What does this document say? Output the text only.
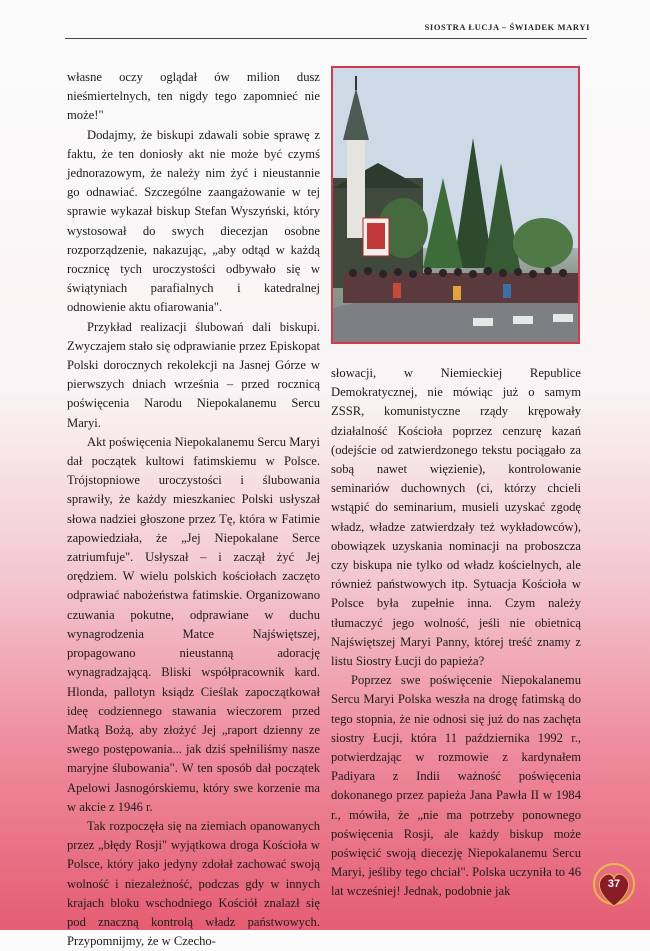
SIOSTRA ŁUCJA – ŚWIADEK MARYI

własne oczy oglądał ów milion dusz nieśmiertelnych, ten nigdy tego zapomnieć nie może!"

Dodajmy, że biskupi zdawali sobie sprawę z faktu, że ten doniosły akt nie może być czymś jednorazowym, że należy nim żyć i nieustannie go odnawiać. Szczególne zaangażowanie w tej sprawie wykazał biskup Stefan Wyszyński, który wystosował do swych diecezjan osobne rozporządzenie, nakazując, „aby odtąd w każdą rocznicę tych uroczystości odbywało się w świątyniach parafialnych i katedralnej odnowienie aktu ofiarowania".

Przykład realizacji ślubowań dali biskupi. Zwyczajem stało się odprawianie przez Episkopat Polski dorocznych rekolekcji na Jasnej Górze w pierwszych dniach września – przed rocznicą poświęcenia Narodu Niepokalanemu Sercu Maryi.

Akt poświęcenia Niepokalanemu Sercu Maryi dał początek kultowi fatimskiemu w Polsce. Trójstopniowe uroczystości i ślubowania sprawiły, że każdy mieszkaniec Polski usłyszał słowa nadziei głoszone przez Tę, która w Fatimie zapowiedziała, że „Jej Niepokalane Serce zatriumfuje". Usłyszał – i zaczął żyć Jej orędziem. W wielu polskich kościołach zaczęto odprawiać nabożeństwa fatimskie. Organizowano czuwania pokutne, odprawiane w duchu wynagrodzenia Matce Najświętszej, propagowano nieustanną adorację wynagradzającą. Bliski współpracownik kard. Hlonda, pallotyn ksiądz Cieślak zapoczątkował ideę codziennego stawania wieczorem przed Matką Bożą, aby złożyć Jej „raport dzienny ze swego postępowania... jak dziś spełniliśmy nasze maryjne ślubowania". W ten sposób dał początek Apelowi Jasnogórskiemu, który swe korzenie ma w akcie z 1946 r.

Tak rozpoczęła się na ziemiach opanowanych przez „błędy Rosji" wyjątkowa droga Kościoła w Polsce, który jako jedyny zdołał zachować swoją wolność i niezależność, podczas gdy w innych krajach bloku wschodniego Kościół znalazł się pod znaczną kontrolą władz państwowych. Przypomnijmy, że w Czecho-

słowacji, w Niemieckiej Republice Demokratycznej, nie mówiąc już o samym ZSSR, komunistyczne rządy krępowały działalność Kościoła poprzez cenzurę kazań (odejście od zatwierdzonego tekstu pociągało za sobą nawet więzienie), kontrolowanie seminariów duchownych (ci, którzy chcieli wstąpić do seminarium, musieli uzyskać zgodę władz, władze zatwierdzały też wykładowców), obowiązek uzyskania nominacji na proboszcza czy biskupa nie tylko od władz kościelnych, ale również państwowych itp. Sytuacja Kościoła w Polsce była zupełnie inna. Czym należy tłumaczyć jego wolność, jeśli nie obietnicą Najświętszej Maryi Panny, której treść znamy z listu Siostry Łucji do papieża?

Poprzez swe poświęcenie Niepokalanemu Sercu Maryi Polska weszła na drogę fatimską do tego stopnia, że nie odnosi się już do nas zachęta siostry Łucji, która 11 października 1992 r., potwierdzając w rozmowie z kardynałem Padiyara z Indii ważność poświęcenia dokonanego przez papieża Jana Pawła II w 1984 r., mówiła, że „nie ma potrzeby ponownego poświęcenia Rosji, ale każdy biskup może poświęcić swoją diecezję Niepokalanemu Sercu Maryi, jeśliby tego chciał". Polska uczyniła to 46 lat wcześniej! Jednak, podobnie jak

37
